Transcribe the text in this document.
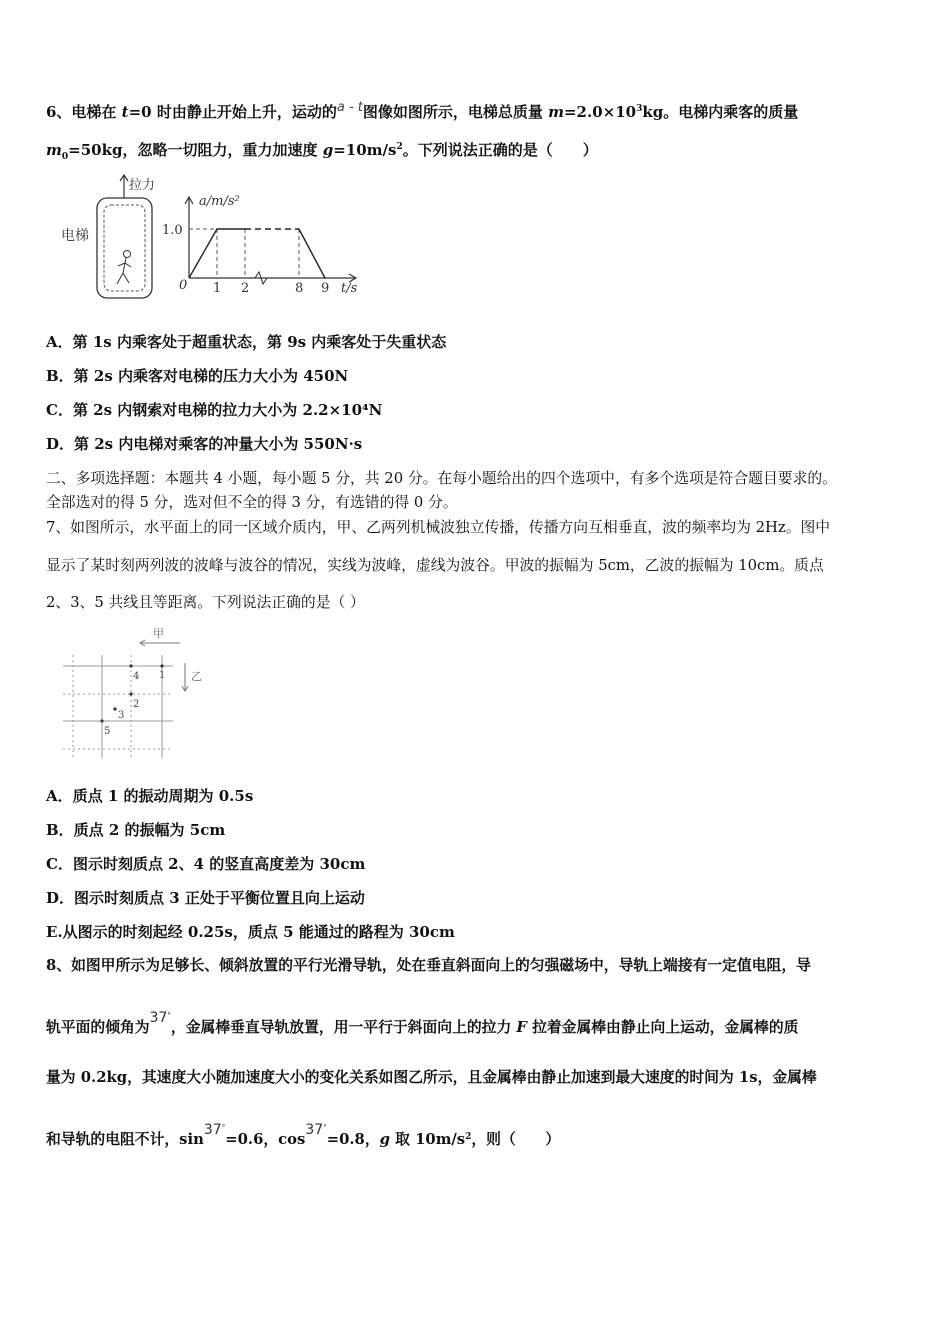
6、电梯在 t=0 时由静止开始上升，运动的a - t图像如图所示，电梯总质量 $m=2.0\times 10^3kg$。电梯内乘客的质量
$m_0=50kg$，忽略一切阻力，重力加速度 $g=10m/s^2$。下列说法正确的是（　　）
拉力
电梯
a/m/s²
1.0
0 1 2	8 9 t/s
A．第 1s 内乘客处于超重状态，第 9s 内乘客处于失重状态
B．第 2s 内乘客对电梯的压力大小为 450N
C．第 2s 内钢索对电梯的拉力大小为 2.2×10⁴N
D．第 2s 内电梯对乘客的冲量大小为 550N·s
二、多项选择题：本题共 4 小题，每小题 5 分，共 20 分。在每小题给出的四个选项中，有多个选项是符合题目要求的。
全部选对的得 5 分，选对但不全的得 3 分，有选错的得 0 分。
7、如图所示，水平面上的同一区域介质内，甲、乙两列机械波独立传播，传播方向互相垂直，波的频率均为 2Hz。图中
显示了某时刻两列波的波峰与波谷的情况，实线为波峰，虚线为波谷。甲波的振幅为 5cm，乙波的振幅为 10cm。质点
2、3、5 共线且等距离。下列说法正确的是（ ）
甲
乙
1
2
3
4
5
A．质点 1 的振动周期为 0.5s
B．质点 2 的振幅为 5cm
C．图示时刻质点 2、4 的竖直高度差为 30cm
D．图示时刻质点 3 正处于平衡位置且向上运动
E.从图示的时刻起经 0.25s，质点 5 能通过的路程为 30cm
8、如图甲所示为足够长、倾斜放置的平行光滑导轨，处在垂直斜面向上的匀强磁场中，导轨上端接有一定值电阻，导
轨平面的倾角为37°，金属棒垂直导轨放置，用一平行于斜面向上的拉力 F 拉着金属棒由静止向上运动，金属棒的质
量为 0.2kg，其速度大小随加速度大小的变化关系如图乙所示，且金属棒由静止加速到最大速度的时间为 1s，金属棒
和导轨的电阻不计，sin37°=0.6，cos37°=0.8，g 取 $10m/s^2$，则（　　）
